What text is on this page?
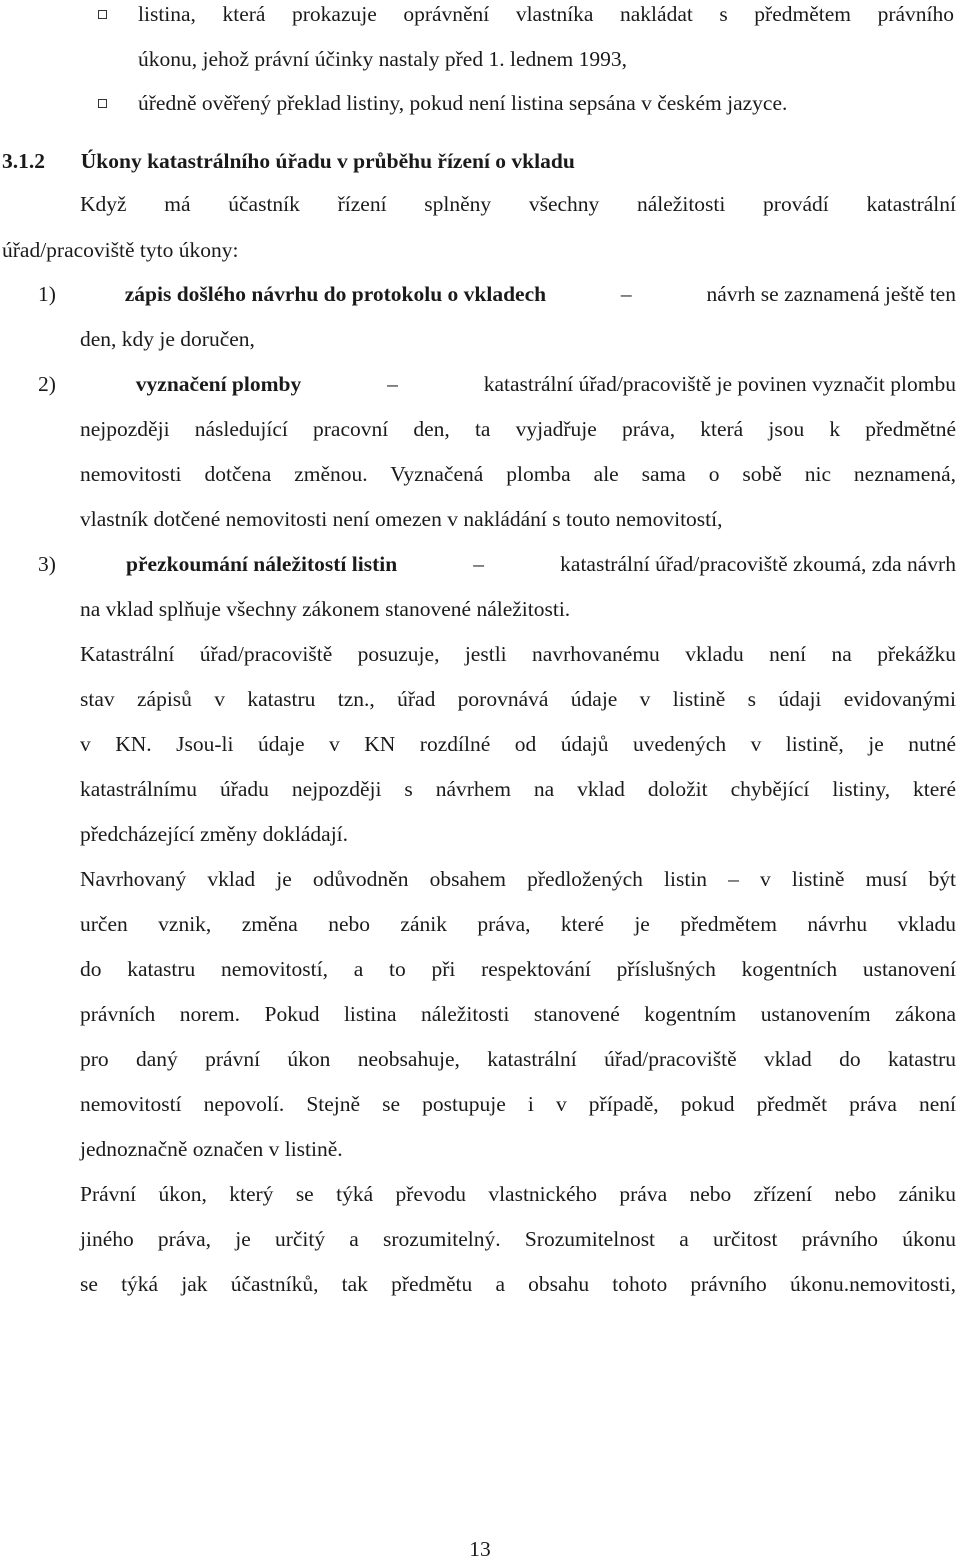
listina, která prokazuje oprávnění vlastníka nakládat s předmětem právního
úkonu, jehož právní účinky nastaly před 1. lednem 1993,
úředně ověřený překlad listiny, pokud není listina sepsána v českém jazyce.
3.1.2 Úkony katastrálního úřadu v průběhu řízení o vkladu
Když má účastník řízení splněny všechny náležitosti provádí katastrální
úřad/pracoviště tyto úkony:
1)	zápis došlého návrhu do protokolu o vkladech	–	návrh se zaznamená ještě ten
den, kdy je doručen,
2)	vyznačení plomby	–	katastrální úřad/pracoviště je povinen vyznačit plombu
nejpozději následující pracovní den, ta vyjadřuje práva, která jsou k předmětné
nemovitosti dotčena změnou. Vyznačená plomba ale sama o sobě nic neznamená,
vlastník dotčené nemovitosti není omezen v nakládání s touto nemovitostí,
3)	přezkoumání náležitostí listin	–	katastrální úřad/pracoviště zkoumá, zda návrh
na vklad splňuje všechny zákonem stanovené náležitosti.
Katastrální úřad/pracoviště posuzuje, jestli navrhovanému vkladu není na překážku
stav zápisů v katastru tzn., úřad porovnává údaje v listině s údaji evidovanými
v KN. Jsou-li údaje v KN rozdílné od údajů uvedených v listině, je nutné
katastrálnímu úřadu nejpozději s návrhem na vklad doložit chybějící listiny, které
předcházející změny dokládají.
Navrhovaný vklad je odůvodněn obsahem předložených listin – v listině musí být
určen vznik, změna nebo zánik práva, které je předmětem návrhu vkladu
do katastru nemovitostí, a to při respektování příslušných kogentních ustanovení
právních norem. Pokud listina náležitosti stanovené kogentním ustanovením zákona
pro daný právní úkon neobsahuje, katastrální úřad/pracoviště vklad do katastru
nemovitostí nepovolí. Stejně se postupuje i v případě, pokud předmět práva není
jednoznačně označen v listině.
Právní úkon, který se týká převodu vlastnického práva nebo zřízení nebo zániku
jiného práva, je určitý a srozumitelný. Srozumitelnost a určitost právního úkonu
se týká jak účastníků, tak předmětu a obsahu tohoto právního úkonu.nemovitosti,
13
